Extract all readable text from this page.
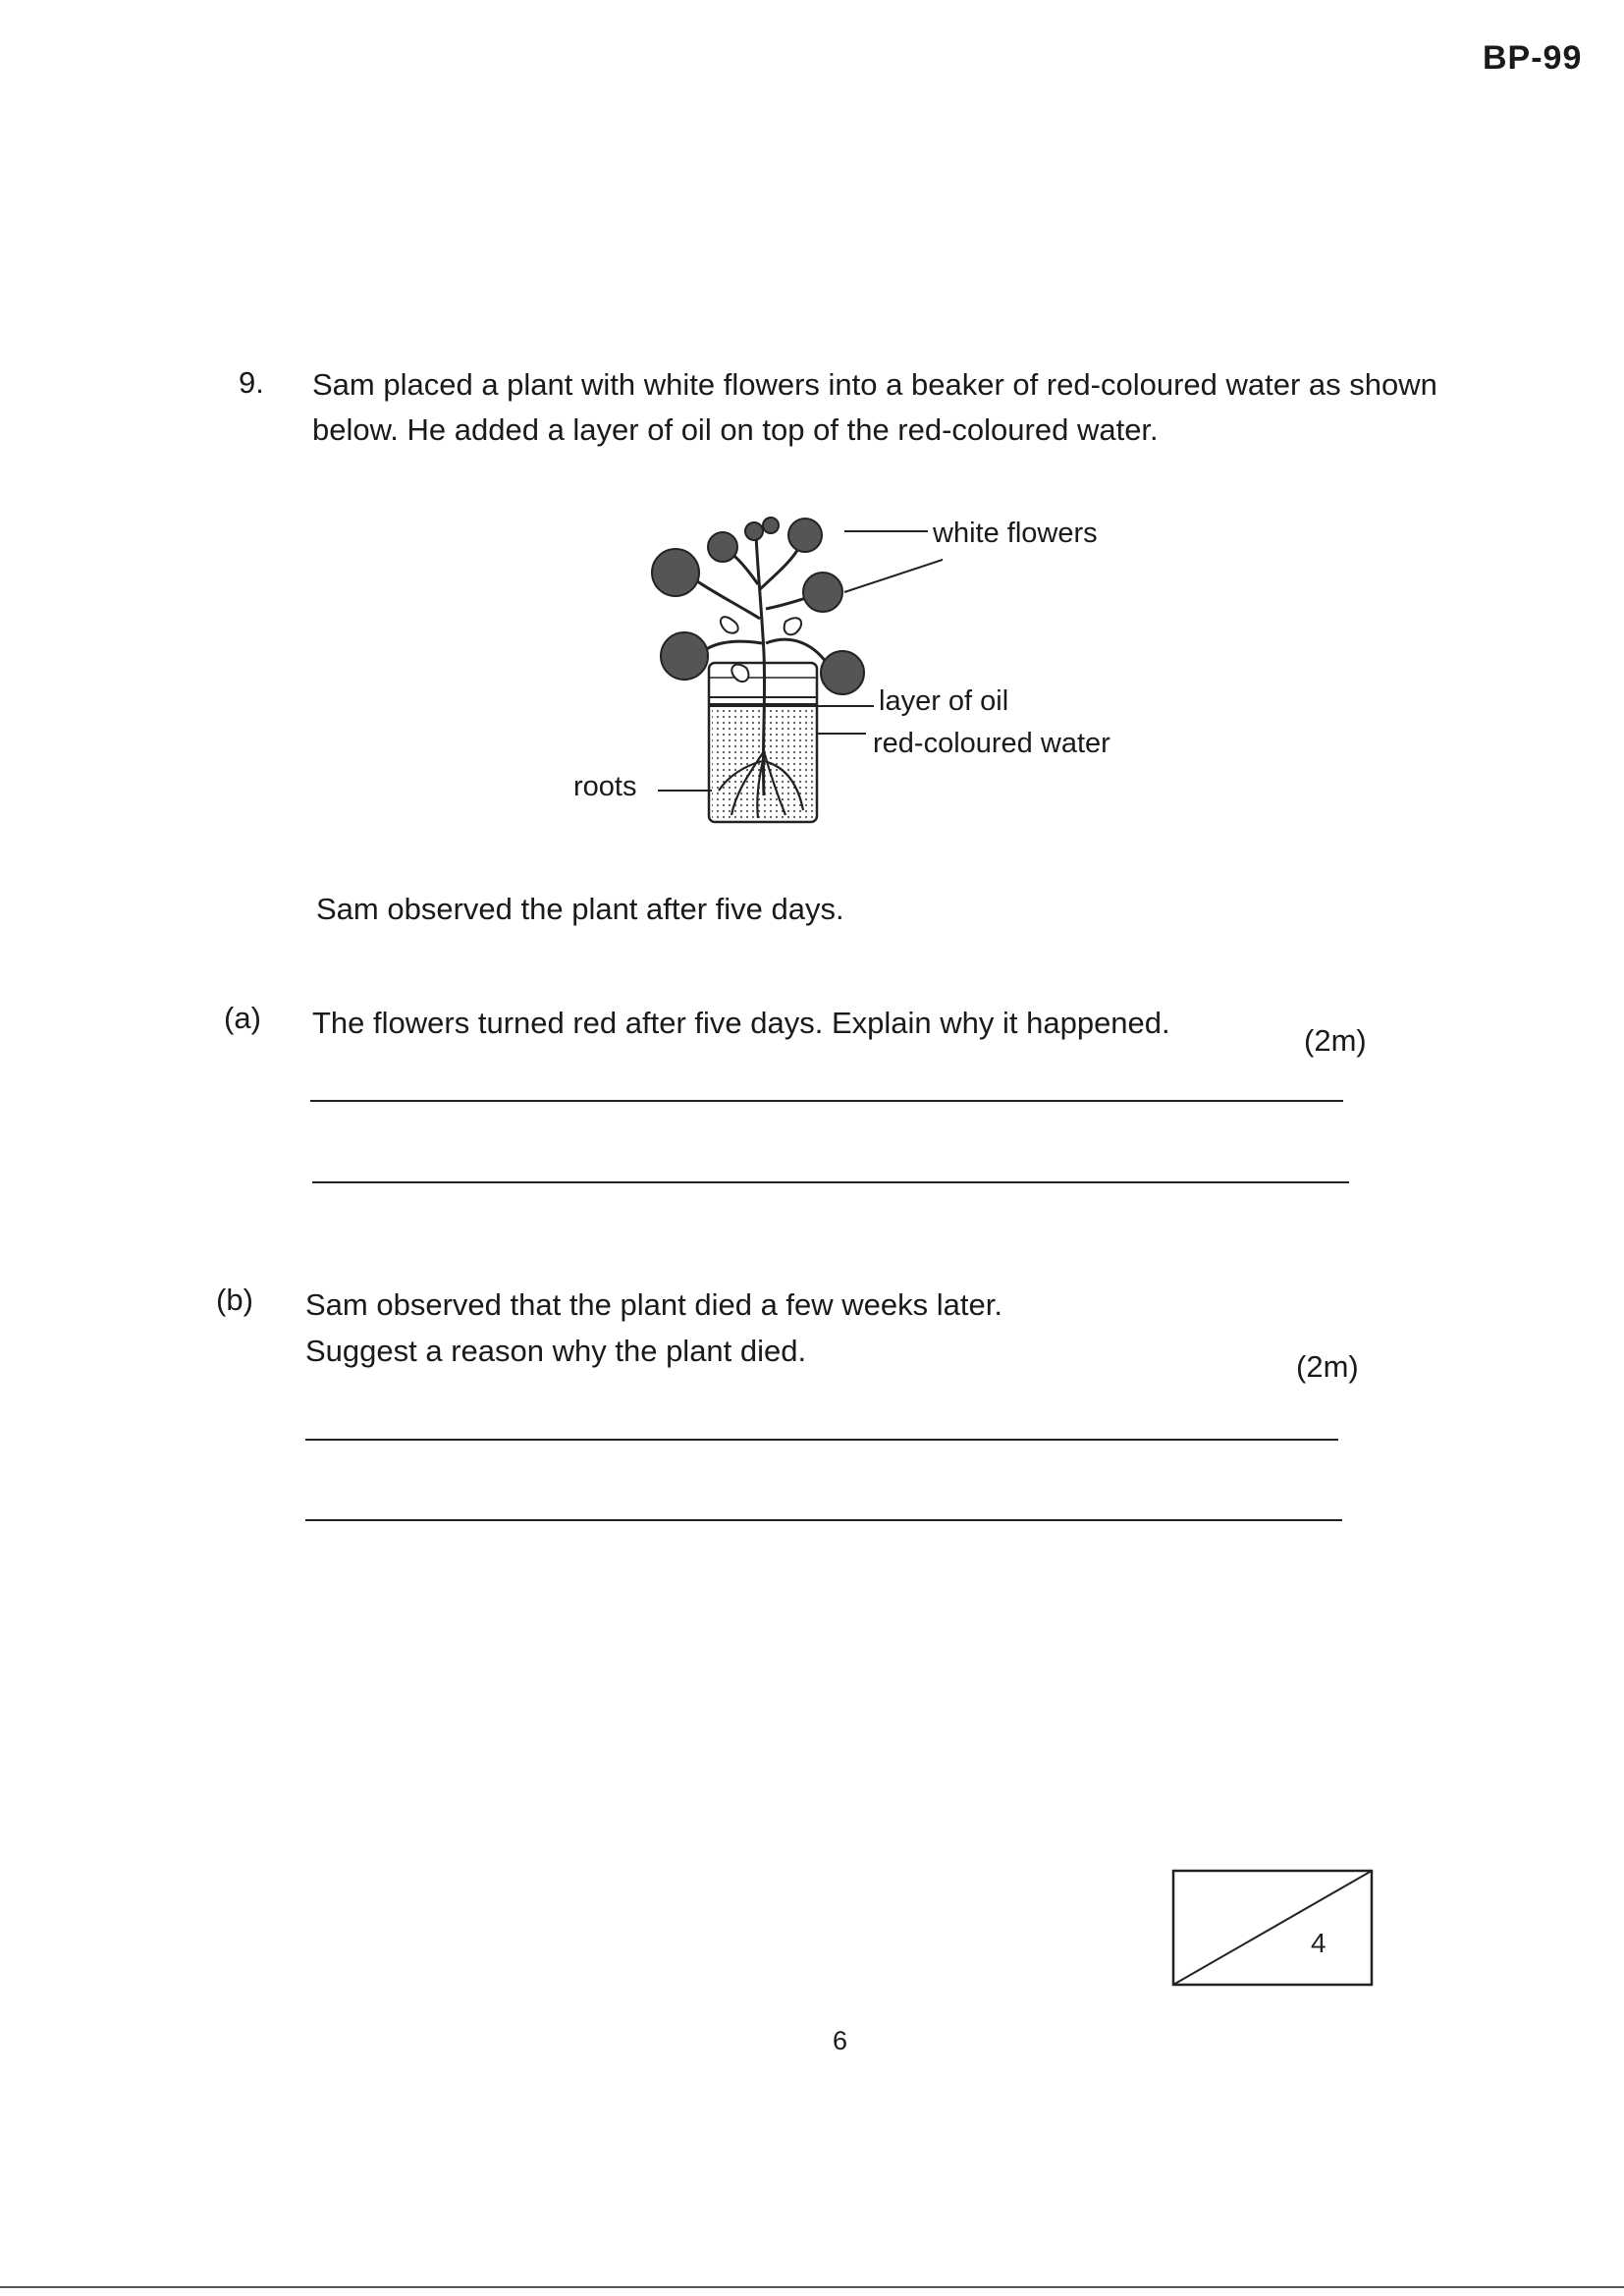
BP-99
9. Sam placed a plant with white flowers into a beaker of red-coloured water as shown
below. He added a layer of oil on top of the red-coloured water.
white flowers
layer of oil
red-coloured water
roots
Sam observed the plant after five days.
(a) The flowers turned red after five days. Explain why it happened.
(2m)
(b) Sam observed that the plant died a few weeks later.
Suggest a reason why the plant died.	(2m)
4
6
